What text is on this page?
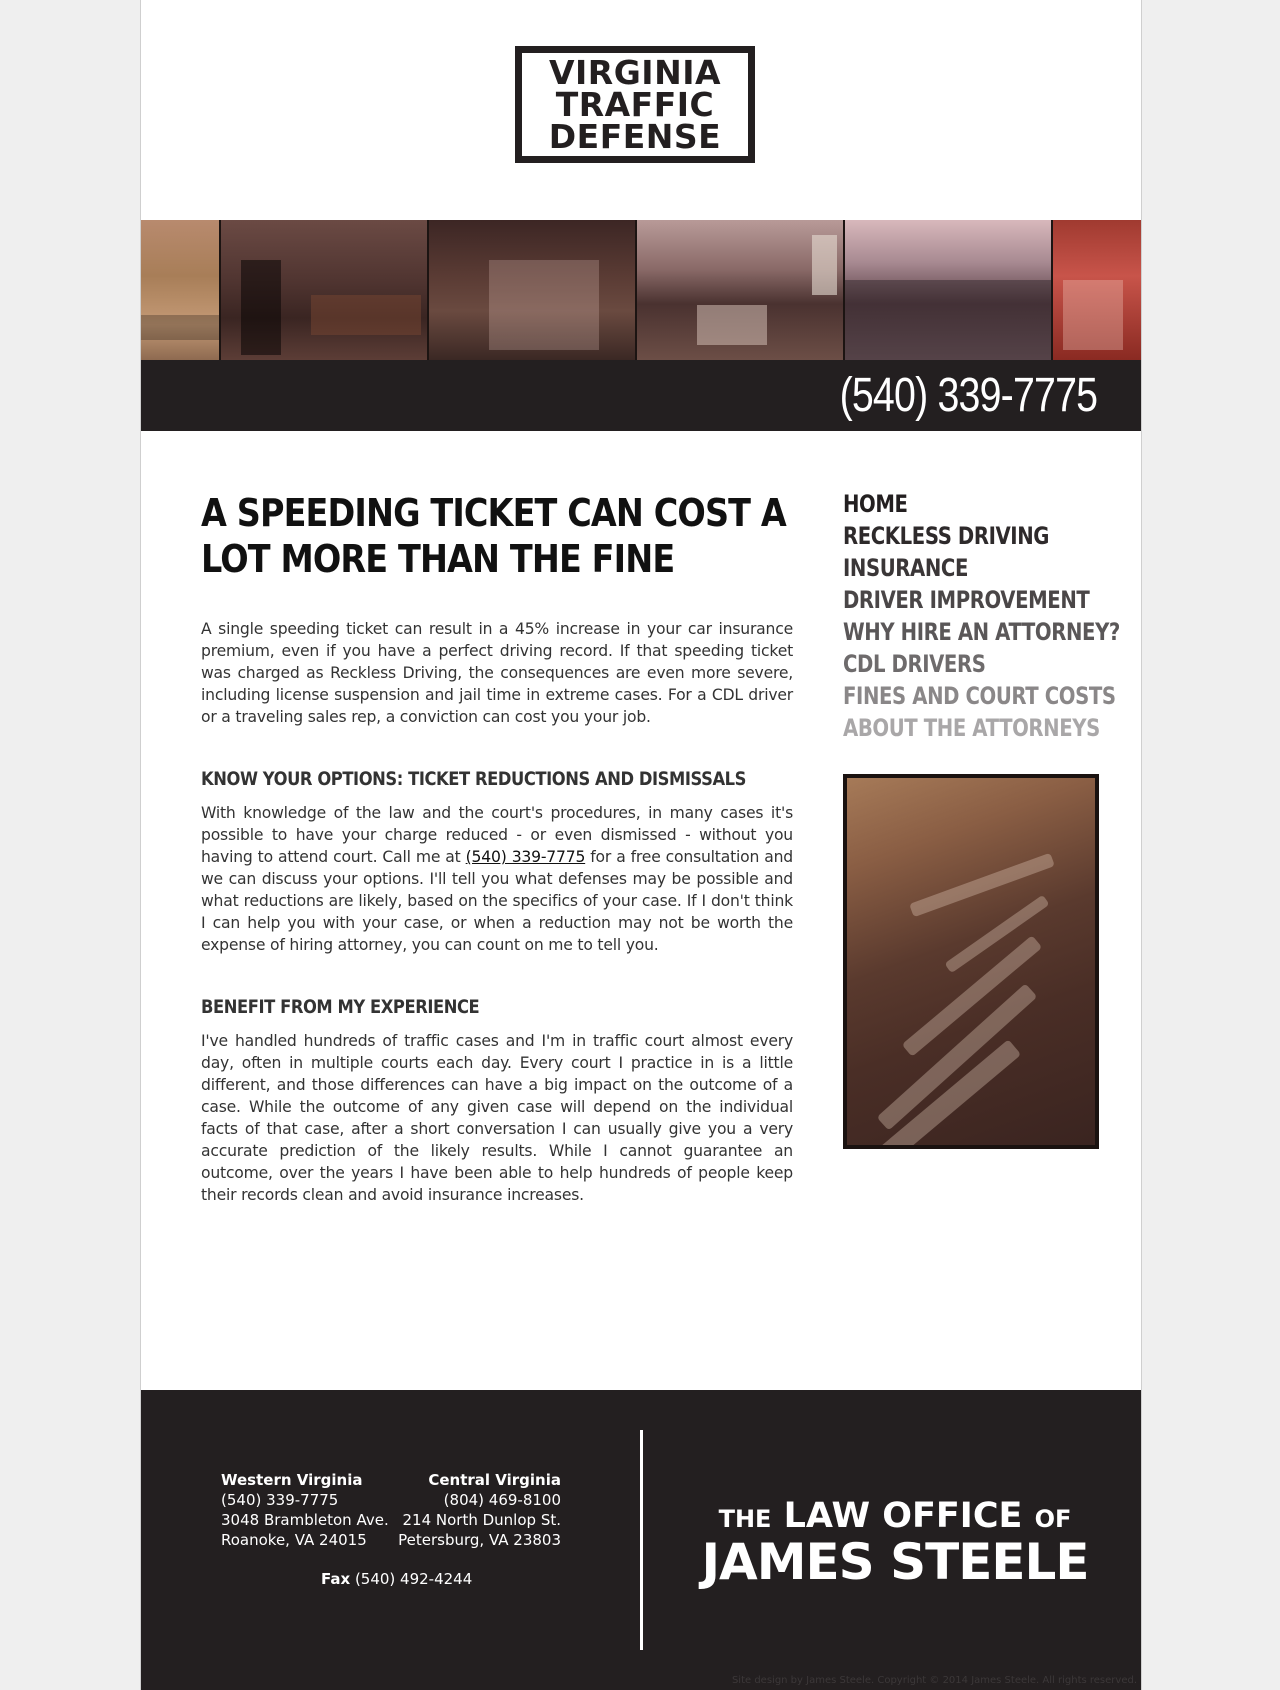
VIRGINIA
TRAFFIC
DEFENSE
(540) 339-7775
A SPEEDING TICKET CAN COST A LOT MORE THAN THE FINE

A single speeding ticket can result in a 45% increase in your car insurance premium, even if you have a perfect driving record. If that speeding ticket was charged as Reckless Driving, the consequences are even more severe, including license suspension and jail time in extreme cases. For a CDL driver or a traveling sales rep, a conviction can cost you your job.

KNOW YOUR OPTIONS: TICKET REDUCTIONS AND DISMISSALS

With knowledge of the law and the court's procedures, in many cases it's possible to have your charge reduced - or even dismissed - without you having to attend court. Call me at (540) 339-7775 for a free consultation and we can discuss your options. I'll tell you what defenses may be possible and what reductions are likely, based on the specifics of your case. If I don't think I can help you with your case, or when a reduction may not be worth the expense of hiring attorney, you can count on me to tell you.

BENEFIT FROM MY EXPERIENCE

I've handled hundreds of traffic cases and I'm in traffic court almost every day, often in multiple courts each day. Every court I practice in is a little different, and those differences can have a big impact on the outcome of a case. While the outcome of any given case will depend on the individual facts of that case, after a short conversation I can usually give you a very accurate prediction of the likely results. While I cannot guarantee an outcome, over the years I have been able to help hundreds of people keep their records clean and avoid insurance increases.

HOME
RECKLESS DRIVING
INSURANCE
DRIVER IMPROVEMENT
WHY HIRE AN ATTORNEY?
CDL DRIVERS
FINES AND COURT COSTS
ABOUT THE ATTORNEYS
Western Virginia
(540) 339-7775
3048 Brambleton Ave.
Roanoke, VA 24015
Central Virginia
(804) 469-8100
214 North Dunlop St.
Petersburg, VA 23803
Fax (540) 492-4244
THE LAW OFFICE OF
JAMES STEELE
Site design by James Steele. Copyright © 2014 James Steele. All rights reserved.
